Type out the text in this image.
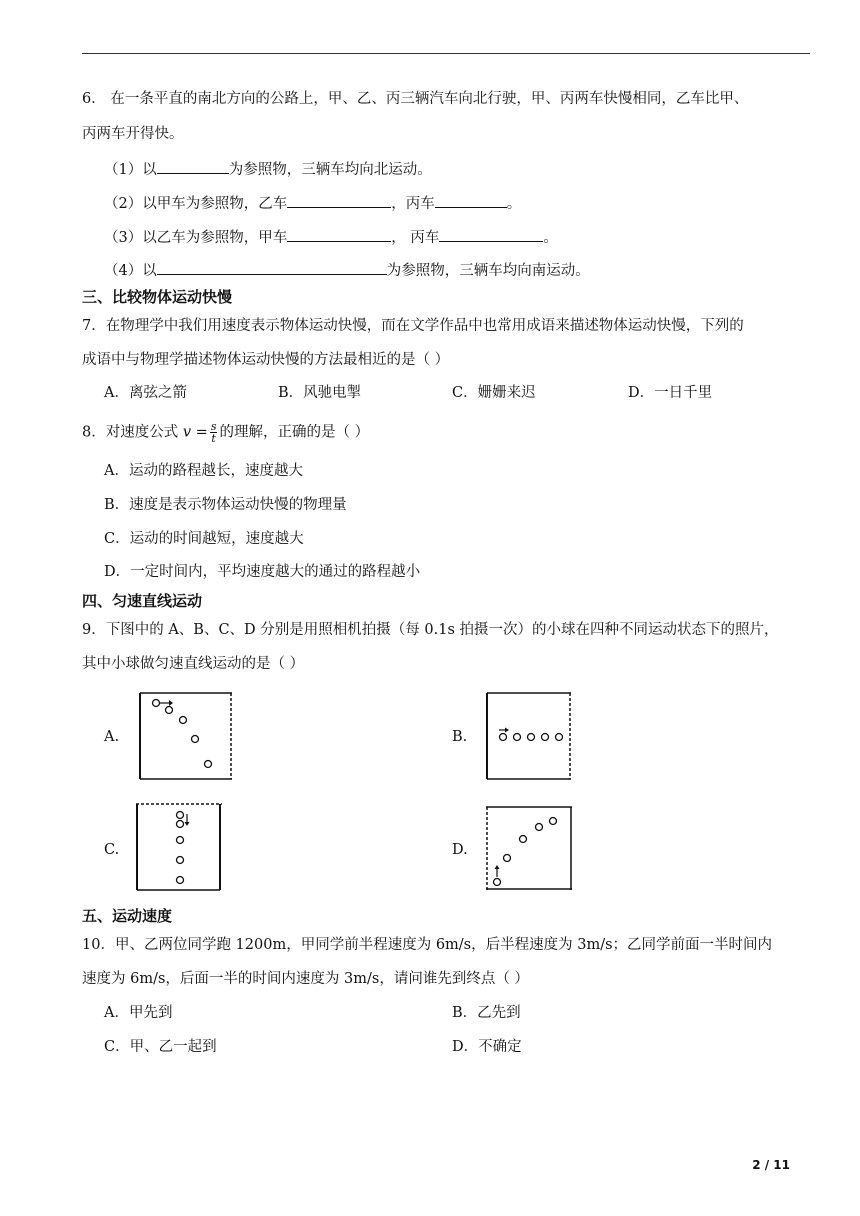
6． 在一条平直的南北方向的公路上，甲、乙、丙三辆汽车向北行驶，甲、丙两车快慢相同，乙车比甲、
丙两车开得快。
（1）以	为参照物，三辆车均向北运动。
（2）以甲车为参照物，乙车	，丙车	。
（3）以乙车为参照物，甲车	， 丙车	。
（4）以	为参照物，三辆车均向南运动。
三、比较物体运动快慢
7．在物理学中我们用速度表示物体运动快慢，而在文学作品中也常用成语来描述物体运动快慢，下列的
成语中与物理学描述物体运动快慢的方法最相近的是（ ）
A．离弦之箭	B．风驰电掣	C．姗姗来迟	D．一日千里
8．对速度公式 $v = \frac{s}{t}$ 的理解，正确的是（ ）
A．运动的路程越长，速度越大
B．速度是表示物体运动快慢的物理量
C．运动的时间越短，速度越大
D．一定时间内，平均速度越大的通过的路程越小
四、匀速直线运动
9．下图中的 A、B、C、D 分别是用照相机拍摄（每 0.1s 拍摄一次）的小球在四种不同运动状态下的照片，
其中小球做匀速直线运动的是（ ）
A.	B.
C.	D.
五、运动速度
10．甲、乙两位同学跑 1200m，甲同学前半程速度为 6m/s，后半程速度为 3m/s；乙同学前面一半时间内
速度为 6m/s，后面一半的时间内速度为 3m/s，请问谁先到终点（ ）
A．甲先到	B．乙先到
C．甲、乙一起到	D．不确定
2 / 11
